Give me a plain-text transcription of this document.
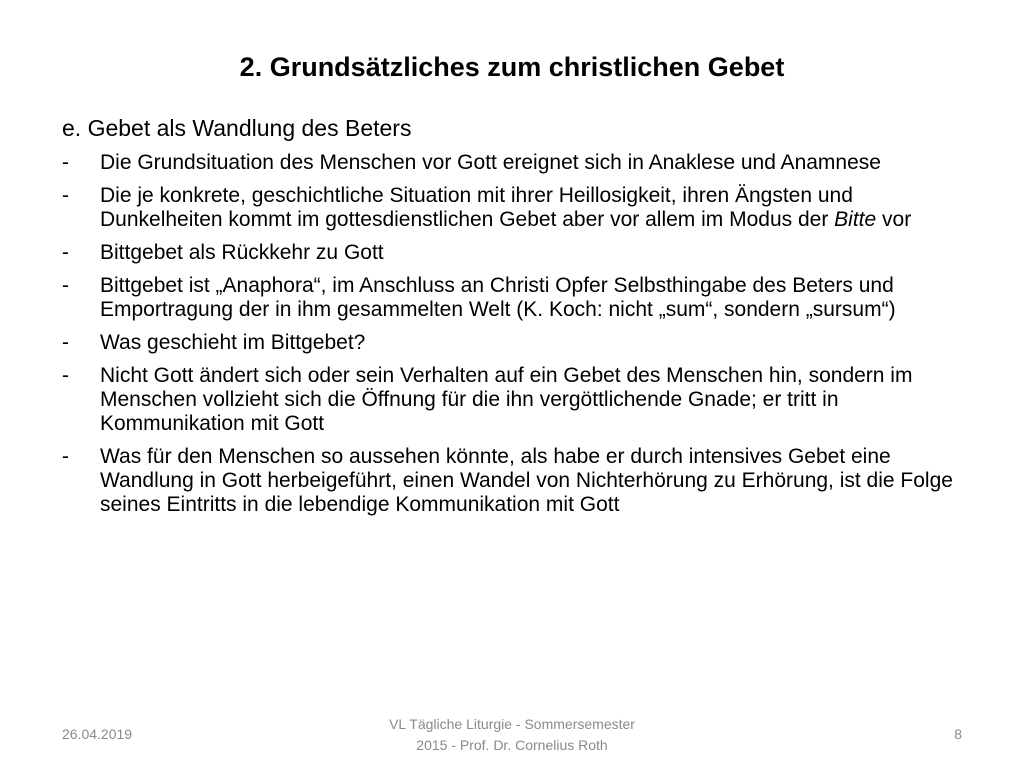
2. Grundsätzliches zum christlichen Gebet
e. Gebet als Wandlung des Beters
- Die Grundsituation des Menschen vor Gott ereignet sich in Anaklese und Anamnese
- Die je konkrete, geschichtliche Situation mit ihrer Heillosigkeit, ihren Ängsten und Dunkelheiten kommt im gottesdienstlichen Gebet aber vor allem im Modus der Bitte vor
- Bittgebet als Rückkehr zu Gott
- Bittgebet ist „Anaphora“, im Anschluss an Christi Opfer Selbsthingabe des Beters und Emportragung der in ihm gesammelten Welt (K. Koch: nicht „sum“, sondern „sursum“)
- Was geschieht im Bittgebet?
- Nicht Gott ändert sich oder sein Verhalten auf ein Gebet des Menschen hin, sondern im Menschen vollzieht sich die Öffnung für die ihn vergöttlichende Gnade; er tritt in Kommunikation mit Gott
- Was für den Menschen so aussehen könnte, als habe er durch intensives Gebet eine Wandlung in Gott herbeigeführt, einen Wandel von Nichterhörung zu Erhörung, ist die Folge seines Eintritts in die lebendige Kommunikation mit Gott
26.04.2019
VL Tägliche Liturgie - Sommersemester
2015 - Prof. Dr. Cornelius Roth
8
